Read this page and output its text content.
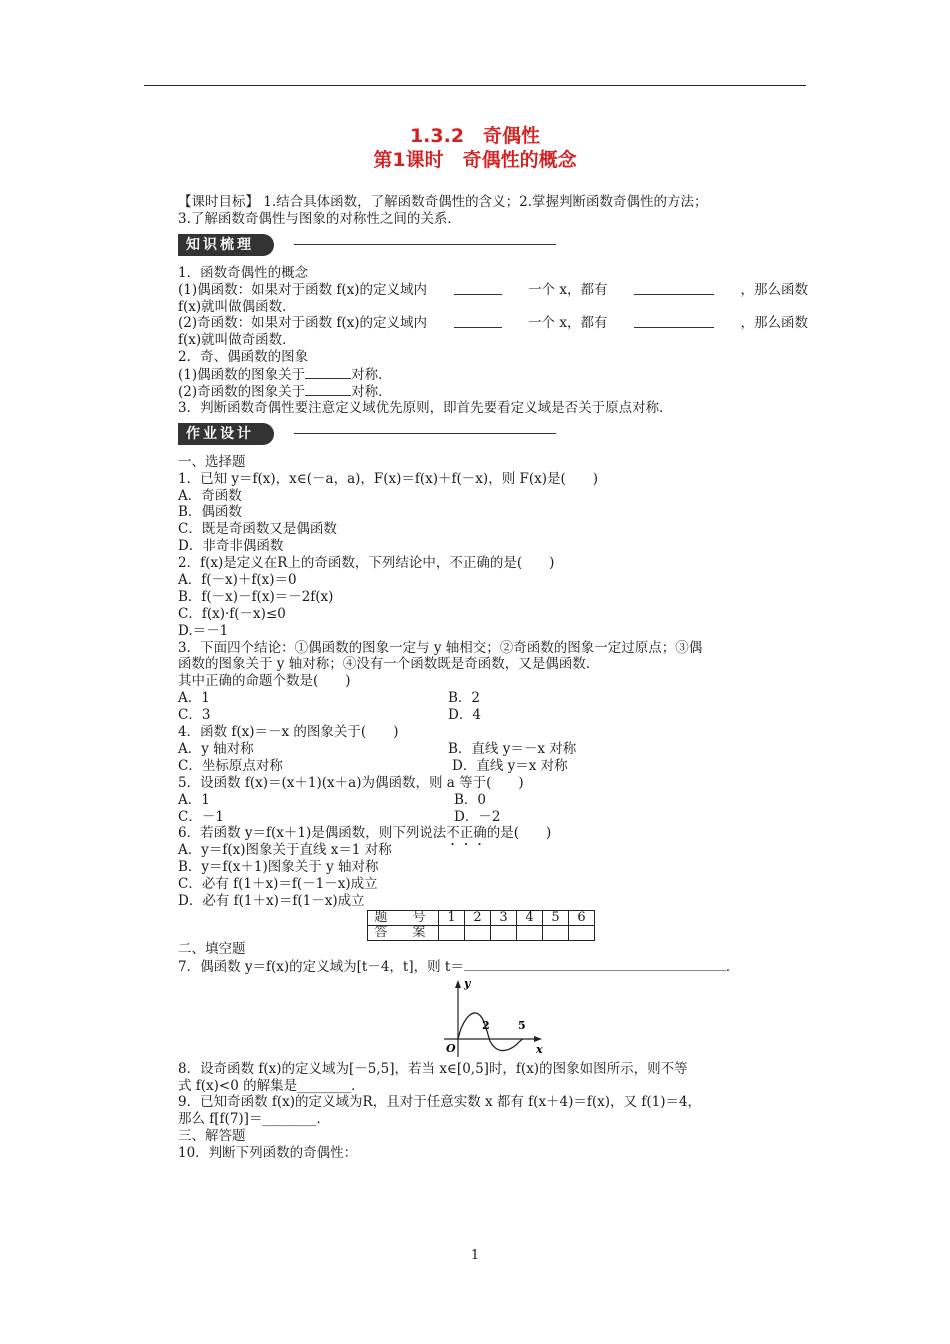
1.3.2　奇偶性
第1课时　奇偶性的概念
【课时目标】 1.结合具体函数，了解函数奇偶性的含义；2.掌握判断函数奇偶性的方法；
3.了解函数奇偶性与图象的对称性之间的关系．
知识梳理
1．函数奇偶性的概念
(1)偶函数：如果对于函数 f(x)的定义域内	一个 x，都有	，那么函数
f(x)就叫做偶函数．
(2)奇函数：如果对于函数 f(x)的定义域内	一个 x，都有	，那么函数
f(x)就叫做奇函数．
2．奇、偶函数的图象
(1)偶函数的图象关于	对称．
(2)奇函数的图象关于	对称．
3．判断函数奇偶性要注意定义域优先原则，即首先要看定义域是否关于原点对称．
作业设计
一、选择题
1．已知 y＝f(x)，x∈(－a，a)，F(x)＝f(x)＋f(－x)，则 F(x)是(　　)
A．奇函数
B．偶函数
C．既是奇函数又是偶函数
D．非奇非偶函数
2．f(x)是定义在R上的奇函数，下列结论中，不正确的是(　　)
A．f(－x)＋f(x)＝0
B．f(－x)－f(x)＝－2f(x)
C．f(x)·f(－x)≤0
D.＝－1
3．下面四个结论：①偶函数的图象一定与 y 轴相交；②奇函数的图象一定过原点；③偶
函数的图象关于 y 轴对称；④没有一个函数既是奇函数，又是偶函数．
其中正确的命题个数是(　　)
A．1	B．2
C．3	D．4
4．函数 f(x)＝－x 的图象关于(　　)
A．y 轴对称	B．直线 y＝－x 对称
C．坐标原点对称	D．直线 y＝x 对称
5．设函数 f(x)＝(x＋1)(x＋a)为偶函数，则 a 等于(　　)
A．1	B．0
C．－1	D．－2
6．若函数 y＝f(x＋1)是偶函数，则下列说法不正确的是(　　)
A．y＝f(x)图象关于直线 x＝1 对称
B．y＝f(x＋1)图象关于 y 轴对称
C．必有 f(1＋x)＝f(－1－x)成立
D．必有 f(1＋x)＝f(1－x)成立
题　号	1	2	3	4	5	6
答　案						
二、填空题
7．偶函数 y＝f(x)的定义域为[t－4，t]，则 t＝	．
y
x
O
2	5
8．设奇函数 f(x)的定义域为[－5,5]，若当 x∈[0,5]时，f(x)的图象如图所示，则不等
式 f(x)<0 的解集是________．
9．已知奇函数 f(x)的定义域为R，且对于任意实数 x 都有 f(x＋4)＝f(x)，又 f(1)＝4，
那么 f[f(7)]＝________．
三、解答题
10．判断下列函数的奇偶性：
1
